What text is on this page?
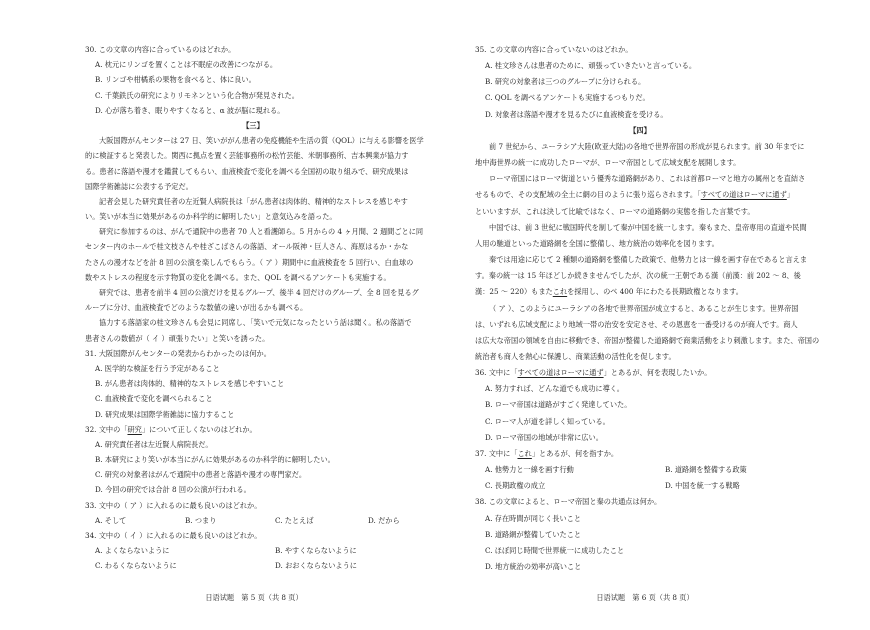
30. この文章の内容に合っているのはどれか。
A. 枕元にリンゴを置くことは不眠症の改善につながる。
B. リンゴや柑橘系の果物を食べると、体に良い。
C. 千葉鉄氏の研究によりリモネンという化合物が発見された。
D. 心が落ち着き、眠りやすくなると、α 波が脳に現れる。
【三】
大阪国際がんセンターは 27 日、笑いががん患者の免疫機能や生活の質（QOL）に与える影響を医学
的に検証すると発表した。関西に拠点を置く芸能事務所の松竹芸能、米朝事務所、吉本興業が協力す
る。患者に落語や漫才を鑑賞してもらい、血液検査で変化を調べる全国初の取り組みで、研究成果は
国際学術雑誌に公表する予定だ。
記者会見した研究責任者の左近賢人病院長は「がん患者は肉体的、精神的なストレスを感じやす
い。笑いが本当に効果があるのか科学的に解明したい」と意気込みを語った。
研究に参加するのは、がんで通院中の患者 70 人と看護師ら。5 月からの 4 ヶ月間、2 週間ごとに同
センター内のホールで桂文枝さんや桂ざこばさんの落語、オール阪神・巨人さん、海原はるか・かな
たさんの漫才などを計 8 回の公演を楽しんでもらう。（ ア ）期間中に血液検査を 5 回行い、白血球の
数やストレスの程度を示す物質の変化を調べる。また、QOL を調べるアンケートも実施する。
研究では、患者を前半 4 回の公演だけを見るグループ、後半 4 回だけのグループ、全 8 回を見るグ
ループに分け、血液検査でどのような数値の違いが出るかも調べる。
協力する落語家の桂文珍さんも会見に同席し、「笑いで元気になったという話は聞く。私の落語で
患者さんの数値が（ イ ）頑張りたい」と笑いを誘った。
31. 大阪国際がんセンターの発表からわかったのは何か。
A. 医学的な検証を行う予定があること
B. がん患者は肉体的、精神的なストレスを感じやすいこと
C. 血液検査で変化を調べられること
D. 研究成果は国際学術雑誌に協力すること
32. 文中の「研究」について正しくないのはどれか。
A. 研究責任者は左近賢人病院長だ。
B. 本研究により笑いが本当にがんに効果があるのか科学的に解明したい。
C. 研究の対象者はがんで通院中の患者と落語や漫才の専門家だ。
D. 今回の研究では合計 8 回の公演が行われる。
33. 文中の（ ア ）に入れるのに最も良いのはどれか。
A. そして	B. つまり	C. たとえば	D. だから
34. 文中の（ イ ）に入れるのに最も良いのはどれか。
A. よくならないように	B. やすくならないように
C. わるくならないように	D. おおくならないように
日语试题　第 5 页（共 8 页）
35. この文章の内容に合っていないのはどれか。
A. 桂文珍さんは患者のために、頑張っていきたいと言っている。
B. 研究の対象者は三つのグループに分けられる。
C. QOL を調べるアンケートも実施するつもりだ。
D. 対象者は落語や漫才を見るたびに血液検査を受ける。
【四】
前 7 世紀から、ユーラシア大陸(欧亚大陆)の各地で世界帝国の形成が見られます。前 30 年までに
地中海世界の統一に成功したローマが、ローマ帝国として広域支配を展開します。
ローマ帝国にはローマ街道という優秀な道路網があり、これは首都ローマと地方の属州とを直結さ
せるもので、その支配域の全土に網の目のように張り巡らされます。「すべての道はローマに通ず」
といいますが、これは決して比喩ではなく、ローマの道路網の実態を指した言葉です。
中国では、前 3 世紀に戦国時代を制して秦が中国を統一します。秦もまた、皇帝専用の直道や民間
人用の馳道といった道路網を全国に整備し、地方統治の効率化を図ります。
秦では用途に応じて 2 種類の道路網を整備した政策で、他勢力とは一線を画す存在であると言えま
す。秦の統一は 15 年ほどしか続きませんでしたが、次の統一王朝である漢（前漢：前 202 〜 8、後
漢：25 〜 220）もまたこれを採用し、のべ 400 年にわたる長期政権となります。
（ ア ）、このようにユーラシアの各地で世界帝国が成立すると、あることが生じます。世界帝国
は、いずれも広域支配により地域一帯の治安を安定させ、その恩恵を一番受けるのが商人です。商人
は広大な帝国の領域を自由に移動でき、帝国が整備した道路網で商業活動をより刺激します。また、帝国の
統治者も商人を熱心に保護し、商業活動の活性化を促します。
36. 文中に「すべての道はローマに通ず」とあるが、何を表現したいか。
A. 努力すれば、どんな道でも成功に導く。
B. ローマ帝国は道路がすごく発達していた。
C. ローマ人が道を詳しく知っている。
D. ローマ帝国の地域が非常に広い。
37. 文中に「これ」とあるが、何を指すか。
A. 他勢力と一線を画す行動	B. 道路網を整備する政策
C. 長期政権の成立	D. 中国を統一する戦略
38. この文章によると、ローマ帝国と秦の共通点は何か。
A. 存在時間が同じく長いこと
B. 道路網が整備していたこと
C. ほぼ同じ時間で世界統一に成功したこと
D. 地方統治の効率が高いこと
日语试题　第 6 页（共 8 页）
